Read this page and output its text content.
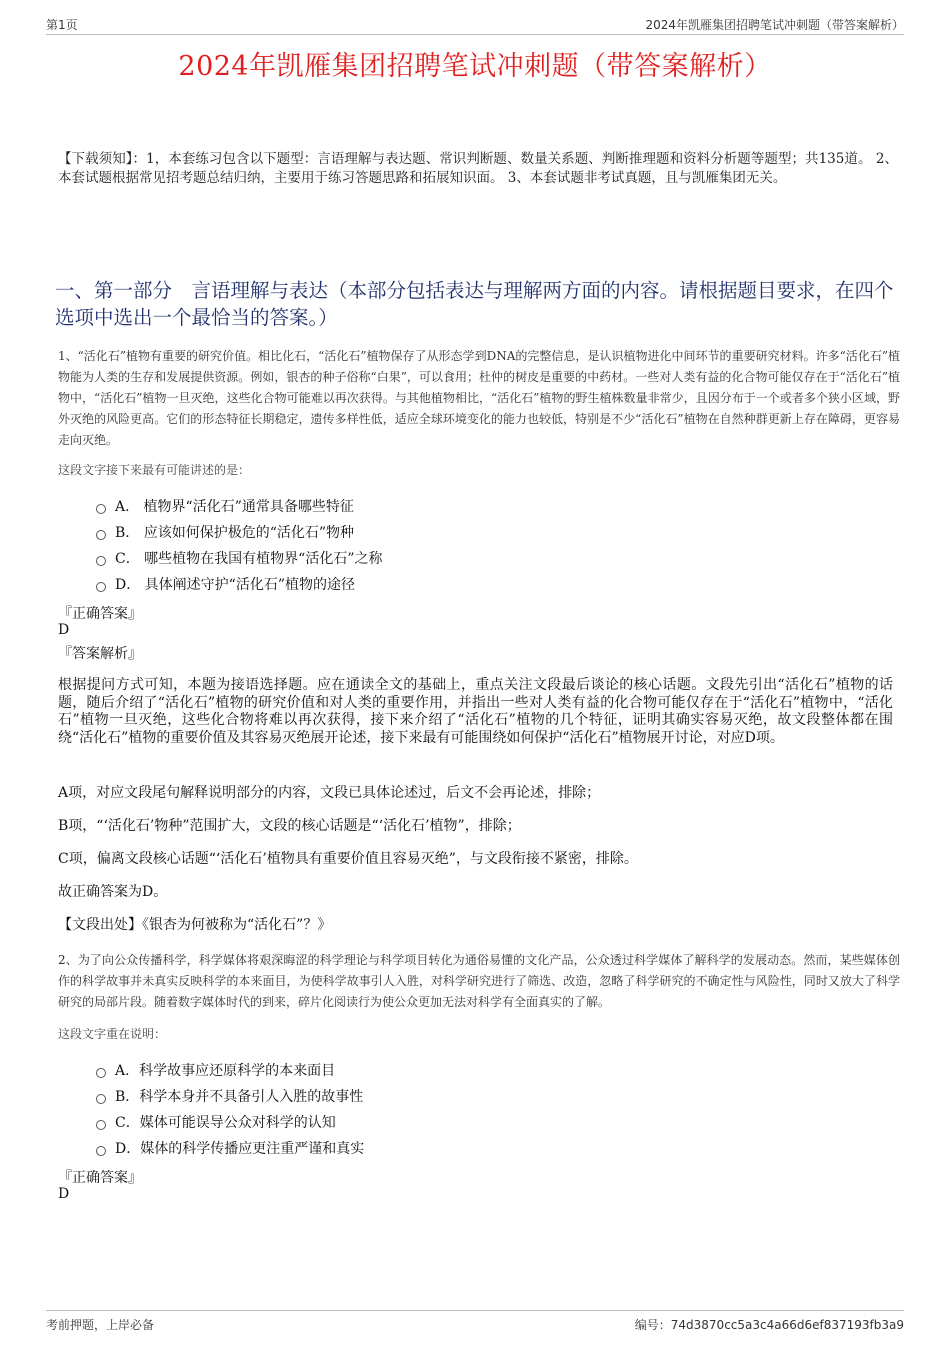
第1页	2024年凯雁集团招聘笔试冲刺题（带答案解析）
2024年凯雁集团招聘笔试冲刺题（带答案解析）
【下载须知】：1，本套练习包含以下题型：言语理解与表达题、常识判断题、数量关系题、判断推理题和资料分析题等题型；共135道。 2、本套试题根据常见招考题总结归纳，主要用于练习答题思路和拓展知识面。 3、本套试题非考试真题，且与凯雁集团无关。
一、第一部分　言语理解与表达（本部分包括表达与理解两方面的内容。请根据题目要求，在四个选项中选出一个最恰当的答案。）
1、“活化石”植物有重要的研究价值。相比化石，“活化石”植物保存了从形态学到DNA的完整信息，是认识植物进化中间环节的重要研究材料。许多“活化石”植物能为人类的生存和发展提供资源。例如，银杏的种子俗称“白果”，可以食用；杜仲的树皮是重要的中药材。一些对人类有益的化合物可能仅存在于“活化石”植物中，“活化石”植物一旦灭绝，这些化合物可能难以再次获得。与其他植物相比，“活化石”植物的野生植株数量非常少，且因分布于一个或者多个狭小区域，野外灭绝的风险更高。它们的形态特征长期稳定，遗传多样性低，适应全球环境变化的能力也较低，特别是不少“活化石”植物在自然种群更新上存在障碍，更容易走向灭绝。
这段文字接下来最有可能讲述的是：
A． 植物界“活化石”通常具备哪些特征
B． 应该如何保护极危的“活化石”物种
C． 哪些植物在我国有植物界“活化石”之称
D． 具体阐述守护“活化石”植物的途径
『正确答案』
D
『答案解析』
根据提问方式可知，本题为接语选择题。应在通读全文的基础上，重点关注文段最后谈论的核心话题。文段先引出“活化石”植物的话题，随后介绍了“活化石”植物的研究价值和对人类的重要作用，并指出一些对人类有益的化合物可能仅存在于“活化石”植物中，“活化石”植物一旦灭绝，这些化合物将难以再次获得，接下来介绍了“活化石”植物的几个特征，证明其确实容易灭绝，故文段整体都在围绕“活化石”植物的重要价值及其容易灭绝展开论述，接下来最有可能围绕如何保护“活化石”植物展开讨论，对应D项。
A项，对应文段尾句解释说明部分的内容，文段已具体论述过，后文不会再论述，排除；
B项，“‘活化石’物种”范围扩大，文段的核心话题是“‘活化石’植物”，排除；
C项，偏离文段核心话题“‘活化石’植物具有重要价值且容易灭绝”，与文段衔接不紧密，排除。
故正确答案为D。
【文段出处】《银杏为何被称为“活化石”？》
2、为了向公众传播科学，科学媒体将艰深晦涩的科学理论与科学项目转化为通俗易懂的文化产品，公众透过科学媒体了解科学的发展动态。然而，某些媒体创作的科学故事并未真实反映科学的本来面目，为使科学故事引人入胜，对科学研究进行了筛选、改造，忽略了科学研究的不确定性与风险性，同时又放大了科学研究的局部片段。随着数字媒体时代的到来，碎片化阅读行为使公众更加无法对科学有全面真实的了解。
这段文字重在说明：
A．科学故事应还原科学的本来面目
B．科学本身并不具备引人入胜的故事性
C．媒体可能误导公众对科学的认知
D．媒体的科学传播应更注重严谨和真实
『正确答案』
D
考前押题，上岸必备	编号：74d3870cc5a3c4a66d6ef837193fb3a9
